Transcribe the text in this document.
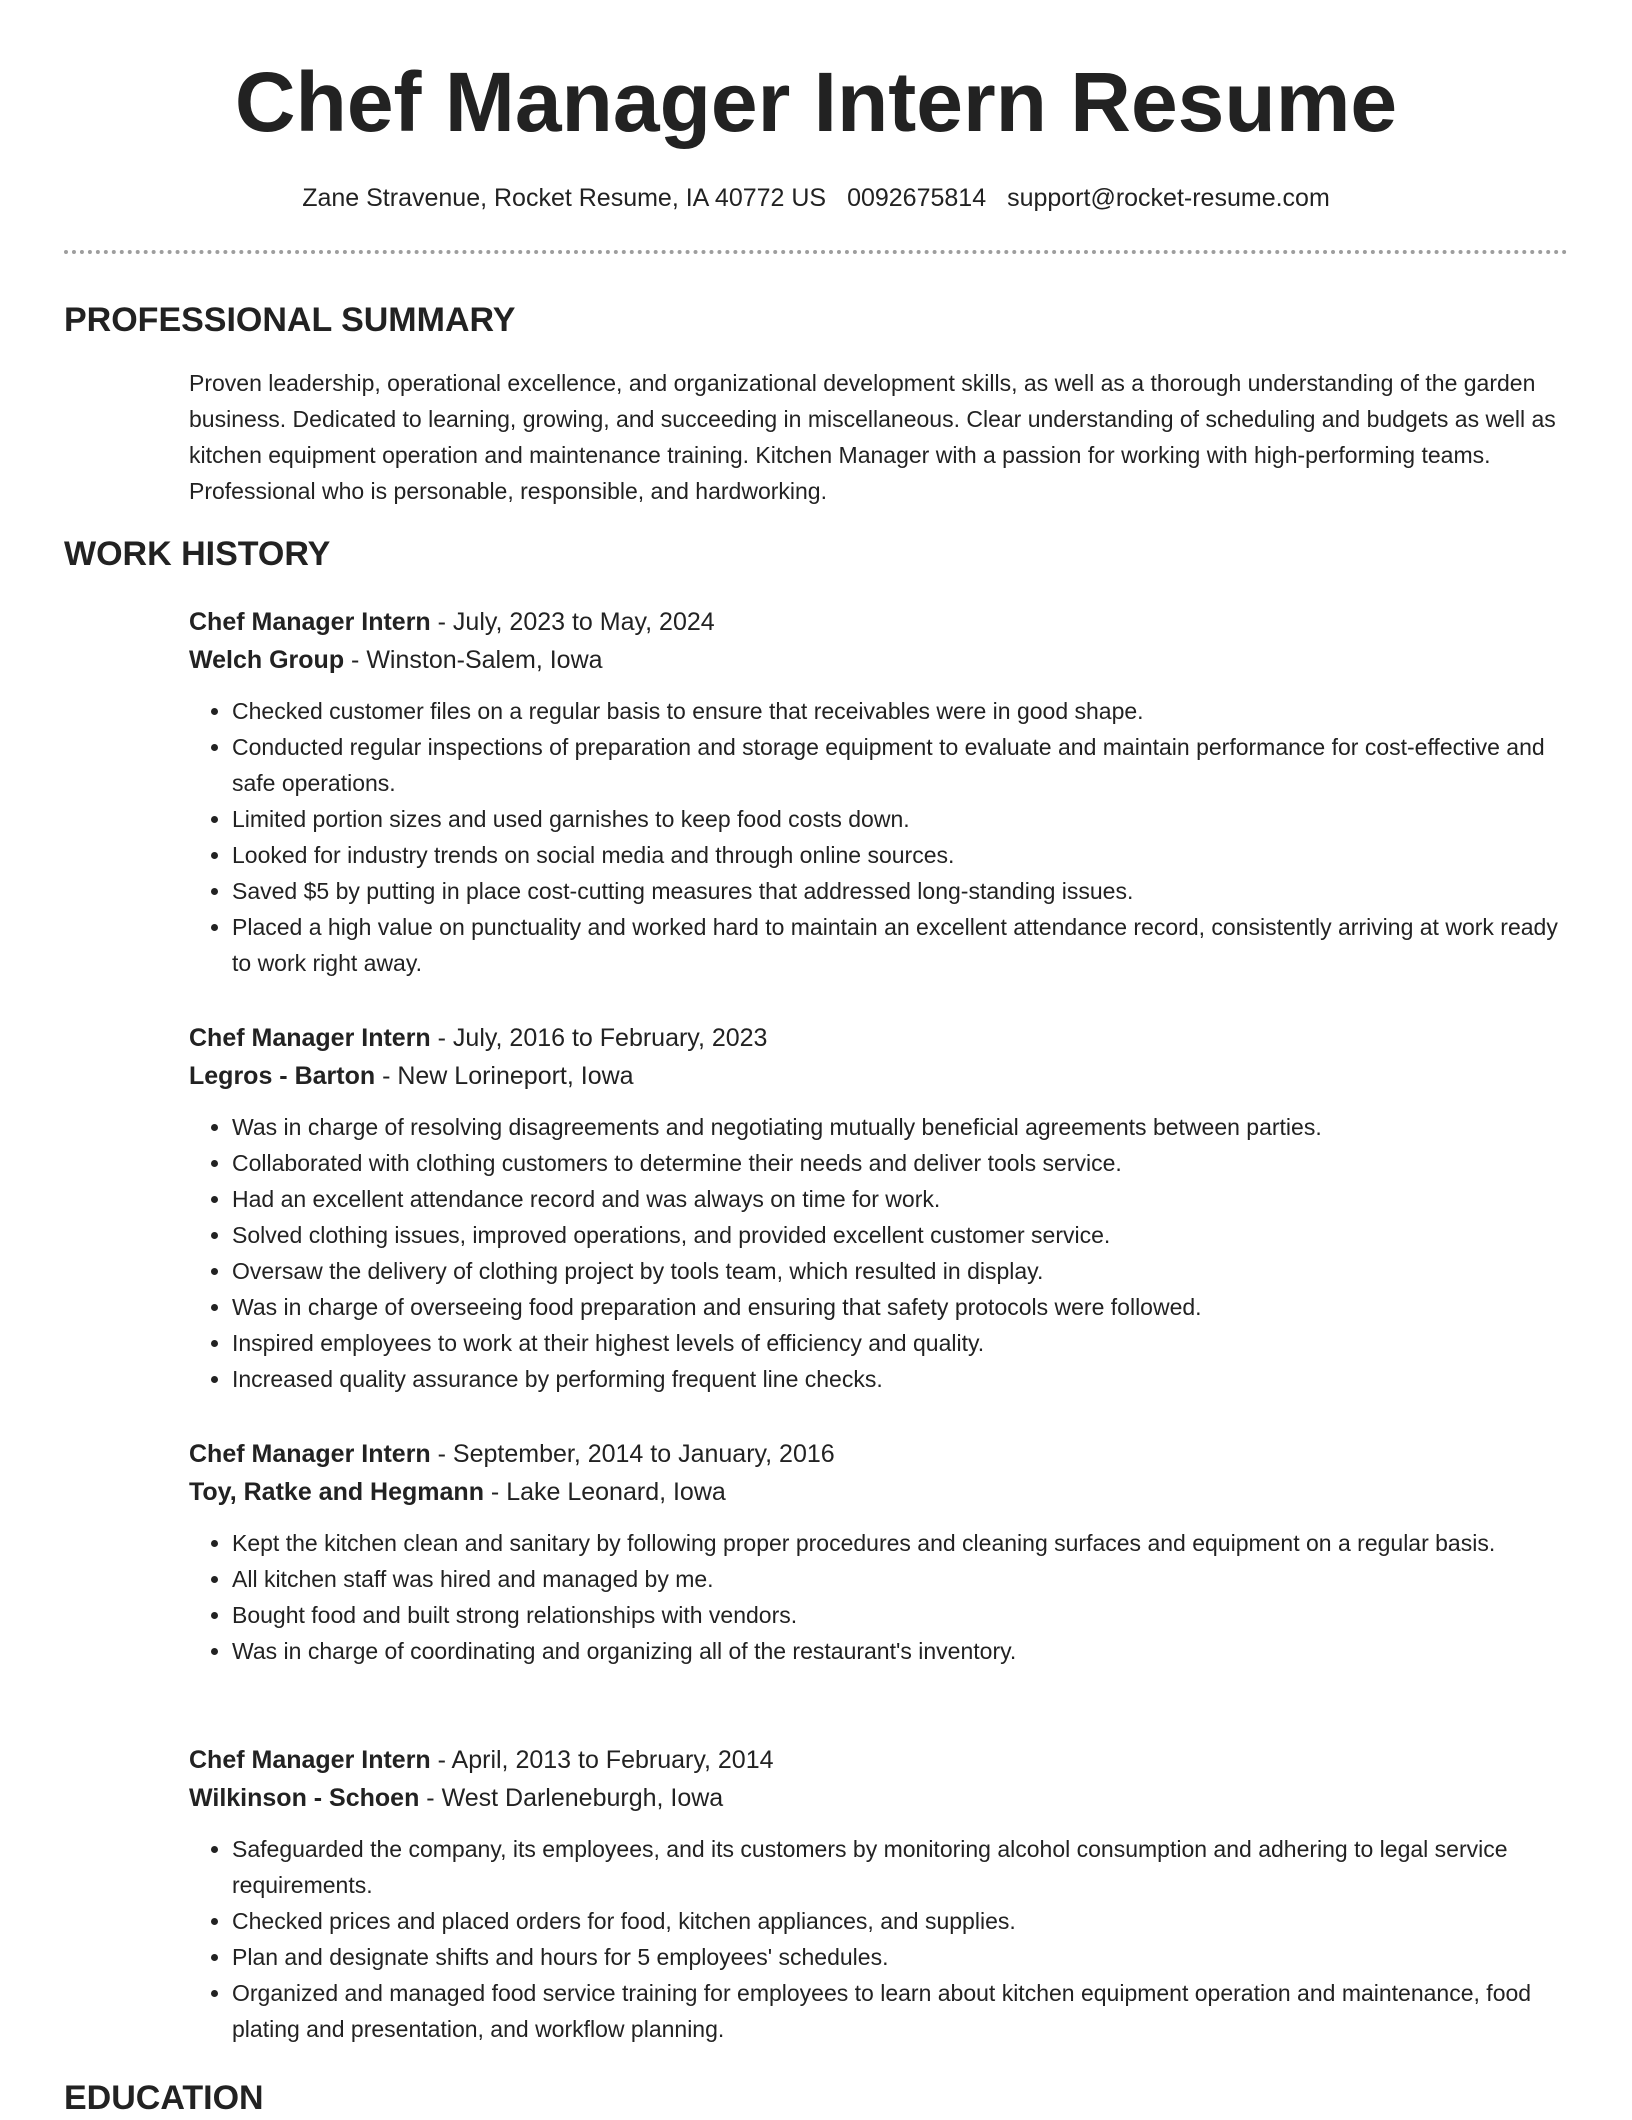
Chef Manager Intern Resume
Zane Stravenue, Rocket Resume, IA 40772 US 0092675814 support@rocket-resume.com
PROFESSIONAL SUMMARY

Proven leadership, operational excellence, and organizational development skills, as well as a thorough understanding of the garden business. Dedicated to learning, growing, and succeeding in miscellaneous. Clear understanding of scheduling and budgets as well as kitchen equipment operation and maintenance training. Kitchen Manager with a passion for working with high-performing teams. Professional who is personable, responsible, and hardworking.

WORK HISTORY

Chef Manager Intern - July, 2023 to May, 2024

Welch Group - Winston-Salem, Iowa

• Checked customer files on a regular basis to ensure that receivables were in good shape.
• Conducted regular inspections of preparation and storage equipment to evaluate and maintain performance for cost-effective and safe operations.
• Limited portion sizes and used garnishes to keep food costs down.
• Looked for industry trends on social media and through online sources.
• Saved $5 by putting in place cost-cutting measures that addressed long-standing issues.
• Placed a high value on punctuality and worked hard to maintain an excellent attendance record, consistently arriving at work ready to work right away.

Chef Manager Intern - July, 2016 to February, 2023

Legros - Barton - New Lorineport, Iowa

• Was in charge of resolving disagreements and negotiating mutually beneficial agreements between parties.
• Collaborated with clothing customers to determine their needs and deliver tools service.
• Had an excellent attendance record and was always on time for work.
• Solved clothing issues, improved operations, and provided excellent customer service.
• Oversaw the delivery of clothing project by tools team, which resulted in display.
• Was in charge of overseeing food preparation and ensuring that safety protocols were followed.
• Inspired employees to work at their highest levels of efficiency and quality.
• Increased quality assurance by performing frequent line checks.

Chef Manager Intern - September, 2014 to January, 2016

Toy, Ratke and Hegmann - Lake Leonard, Iowa

• Kept the kitchen clean and sanitary by following proper procedures and cleaning surfaces and equipment on a regular basis.
• All kitchen staff was hired and managed by me.
• Bought food and built strong relationships with vendors.
• Was in charge of coordinating and organizing all of the restaurant's inventory.

Chef Manager Intern - April, 2013 to February, 2014

Wilkinson - Schoen - West Darleneburgh, Iowa

• Safeguarded the company, its employees, and its customers by monitoring alcohol consumption and adhering to legal service requirements.
• Checked prices and placed orders for food, kitchen appliances, and supplies.
• Plan and designate shifts and hours for 5 employees' schedules.
• Organized and managed food service training for employees to learn about kitchen equipment operation and maintenance, food plating and presentation, and workflow planning.
EDUCATION
